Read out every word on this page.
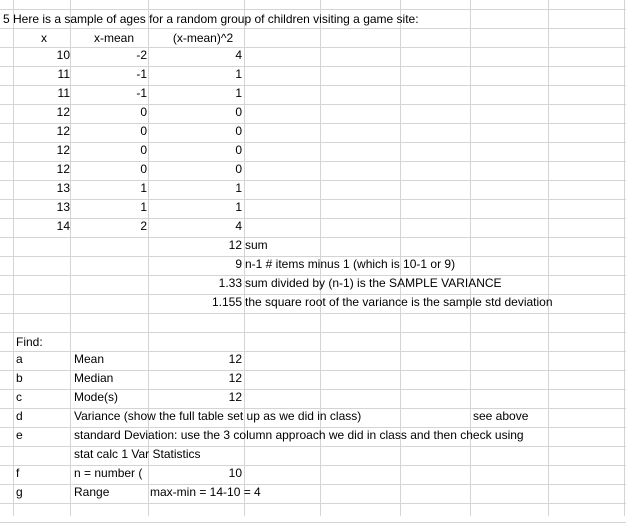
5 Here is a sample of ages for a random group of children visiting a game site:
x	x-mean	(x-mean)^2
10	-2	4
11	-1	1
11	-1	1
12	0	0
12	0	0
12	0	0
12	0	0
13	1	1
13	1	1
14	2	4
12 sum
9 n-1 # items minus 1 (which is 10-1 or 9)
1.33 sum divided by (n-1) is the SAMPLE VARIANCE
1.155 the square root of the variance is the sample std deviation
Find:
a	Mean	12
b	Median	12
c	Mode(s)	12
d	Variance (show the full table set up as we did in class)	see above
e	standard Deviation: use the 3 column approach we did in class and then check using
stat calc 1 Var Statistics
f	n = number (	10
g	Range	max-min = 14-10 = 4
